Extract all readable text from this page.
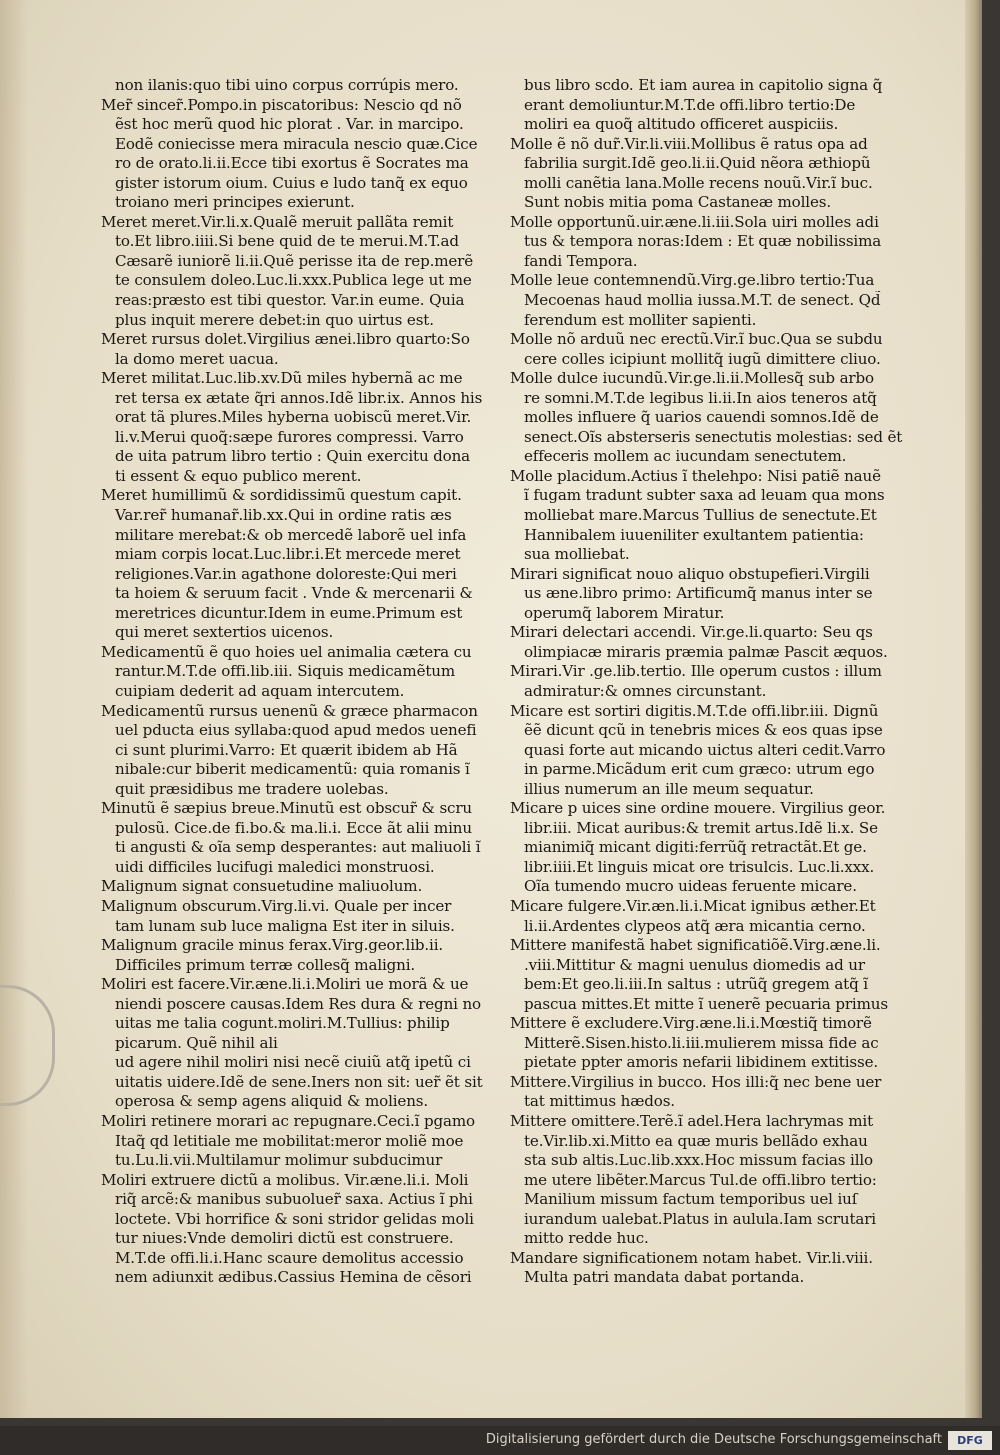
non ilanis:quo tibi uino corpus corrúpis mero.
Mer̃ sincer̃.Pompo.in piscatoribus: Nescio qd nõ
ẽst hoc merũ quod hic plorat . Var. in marcipo.
Eodẽ coniecisse mera miracula nescio quæ.Cice
ro de orato.li.ii.Ecce tibi exortus ẽ Socrates ma
gister istorum oium. Cuius e ludo tanq̃ ex equo
troiano meri principes exierunt.
Meret meret.Vir.li.x.Qualẽ meruit pallãta remit
to.Et libro.iiii.Si bene quid de te merui.M.T.ad
Cæsarẽ iuniorẽ li.ii.Quẽ perisse ita de rep.merẽ
te consulem doleo.Luc.li.xxx.Publica lege ut me
reas:præsto est tibi questor. Var.in eume. Quia
plus inquit merere debet:in quo uirtus est.
Meret rursus dolet.Virgilius ænei.libro quarto:So
la domo meret uacua.
Meret militat.Luc.lib.xv.Dũ miles hybernã ac me
ret tersa ex ætate q̃ri annos.Idẽ libr.ix. Annos his
orat tã plures.Miles hyberna uobiscũ meret.Vir.
li.v.Merui quoq̃:sæpe furores compressi. Varro
de uita patrum libro tertio : Quin exercitu dona
ti essent & equo publico merent.
Meret humillimũ & sordidissimũ questum capit.
Var.rer̃ humanar̃.lib.xx.Qui in ordine ratis æs
militare merebat:& ob mercedẽ laborẽ uel infa
miam corpis locat.Luc.libr.i.Et mercede meret
religiones.Var.in agathone doloreste:Qui meri
ta hoiem & seruum facit . Vnde & mercenarii &
meretrices dicuntur.Idem in eume.Primum est
qui meret sextertios uicenos.
Medicamentũ ẽ quo hoies uel animalia cætera cu
rantur.M.T.de offi.lib.iii. Siquis medicamẽtum
cuipiam dederit ad aquam intercutem.
Medicamentũ rursus uenenũ & græce pharmacon
uel pducta eius syllaba:quod apud medos uenefi
ci sunt plurimi.Varro: Et quærit ibidem ab Hã
nibale:cur biberit medicamentũ: quia romanis ĩ
quit præsidibus me tradere uolebas.
Minutũ ẽ sæpius breue.Minutũ est obscur̃ & scru
pulosũ. Cice.de fi.bo.& ma.li.i. Ecce ãt alii minu
ti angusti & oĩa semp desperantes: aut maliuoli ĩ
uidi difficiles lucifugi maledici monstruosi.
Malignum signat consuetudine maliuolum.
Malignum obscurum.Virg.li.vi. Quale per incer
tam lunam sub luce maligna Est iter in siluis.
Malignum gracile minus ferax.Virg.geor.lib.ii.
Difficiles primum terræ collesq̃ maligni.
Moliri est facere.Vir.æne.li.i.Moliri ue morã & ue
niendi poscere causas.Idem Res dura & regni no
uitas me talia cogunt.moliri.M.Tullius: philip
picarum. Quẽ nihil ali
ud agere nihil moliri nisi necẽ ciuiũ atq̃ ipetũ ci
uitatis uidere.Idẽ de sene.Iners non sit: uer̃ ẽt sit
operosa & semp agens aliquid & moliens.
Moliri retinere morari ac repugnare.Ceci.ĩ pgamo
Itaq̃ qd letitiale me mobilitat:meror moliẽ moe
tu.Lu.li.vii.Multilamur molimur subducimur
Moliri extruere dictũ a molibus. Vir.æne.li.i. Moli
riq̃ arcẽ:& manibus subuoluer̃ saxa. Actius ĩ phi
loctete. Vbi horrifice & soni stridor gelidas moli
tur niues:Vnde demoliri dictũ est construere.
M.T.de offi.li.i.Hanc scaure demolitus accessio
nem adiunxit ædibus.Cassius Hemina de cẽsori
bus libro scdo. Et iam aurea in capitolio signa q̃
erant demoliuntur.M.T.de offi.libro tertio:De
moliri ea quoq̃ altitudo officeret auspiciis.
Molle ẽ nõ dur̃.Vir.li.viii.Mollibus ẽ ratus opa ad
fabrilia surgit.Idẽ geo.li.ii.Quid nẽora æthiopũ
molli canẽtia lana.Molle recens nouũ.Vir.ĩ buc.
Sunt nobis mitia poma Castaneæ molles.
Molle opportunũ.uir.æne.li.iii.Sola uiri molles adi
tus & tempora noras:Idem : Et quæ nobilissima
fandi Tempora.
Molle leue contemnendũ.Virg.ge.libro tertio:Tua
Mecoenas haud mollia iussa.M.T. de senect. Qd̃
ferendum est molliter sapienti.
Molle nõ arduũ nec erectũ.Vir.ĩ buc.Qua se subdu
cere colles icipiunt mollitq̃ iugũ dimittere cliuo.
Molle dulce iucundũ.Vir.ge.li.ii.Mollesq̃ sub arbo
re somni.M.T.de legibus li.ii.In aios teneros atq̃
molles influere q̃ uarios cauendi somnos.Idẽ de
senect.Oĩs absterseris senectutis molestias: sed ẽt
effeceris mollem ac iucundam senectutem.
Molle placidum.Actius ĩ thelehpo: Nisi patiẽ nauẽ
ĩ fugam tradunt subter saxa ad leuam qua mons
molliebat mare.Marcus Tullius de senectute.Et
Hannibalem iuueniliter exultantem patientia:
sua molliebat.
Mirari significat nouo aliquo obstupefieri.Virgili
us æne.libro primo: Artificumq̃ manus inter se
operumq̃ laborem Miratur.
Mirari delectari accendi. Vir.ge.li.quarto: Seu qs
olimpiacæ miraris præmia palmæ Pascit æquos.
Mirari.Vir .ge.lib.tertio. Ille operum custos : illum
admiratur:& omnes circunstant.
Micare est sortiri digitis.M.T.de offi.libr.iii. Dignũ
ẽẽ dicunt qcũ in tenebris mices & eos quas ipse
quasi forte aut micando uictus alteri cedit.Varro
in parme.Micãdum erit cum græco: utrum ego
illius numerum an ille meum sequatur.
Micare p uices sine ordine mouere. Virgilius geor.
libr.iii. Micat auribus:& tremit artus.Idẽ li.x. Se
mianimiq̃ micant digiti:ferrũq̃ retractãt.Et ge.
libr.iiii.Et linguis micat ore trisulcis. Luc.li.xxx.
Oĩa tumendo mucro uideas feruente micare.
Micare fulgere.Vir.æn.li.i.Micat ignibus æther.Et
li.ii.Ardentes clypeos atq̃ æra micantia cerno.
Mittere manifestã habet significatiõẽ.Virg.æne.li.
.viii.Mittitur & magni uenulus diomedis ad ur
bem:Et geo.li.iii.In saltus : utrũq̃ gregem atq̃ ĩ
pascua mittes.Et mitte ĩ uenerẽ pecuaria primus
Mittere ẽ excludere.Virg.æne.li.i.Mœstiq̃ timorẽ
Mitterẽ.Sisen.histo.li.iii.mulierem missa fide ac
pietate ppter amoris nefarii libidinem extitisse.
Mittere.Virgilius in bucco. Hos illi:q̃ nec bene uer
tat mittimus hædos.
Mittere omittere.Terẽ.ĩ adel.Hera lachrymas mit
te.Vir.lib.xi.Mitto ea quæ muris bellãdo exhau
sta sub altis.Luc.lib.xxx.Hoc missum facias illo
me utere libẽter.Marcus Tul.de offi.libro tertio:
Manilium missum factum temporibus uel iuſ
iurandum ualebat.Platus in aulula.Iam scrutari
mitto redde huc.
Mandare significationem notam habet. Vir.li.viii.
Multa patri mandata dabat portanda.
Digitalisierung gefördert durch die Deutsche Forschungsgemeinschaft	DFG
